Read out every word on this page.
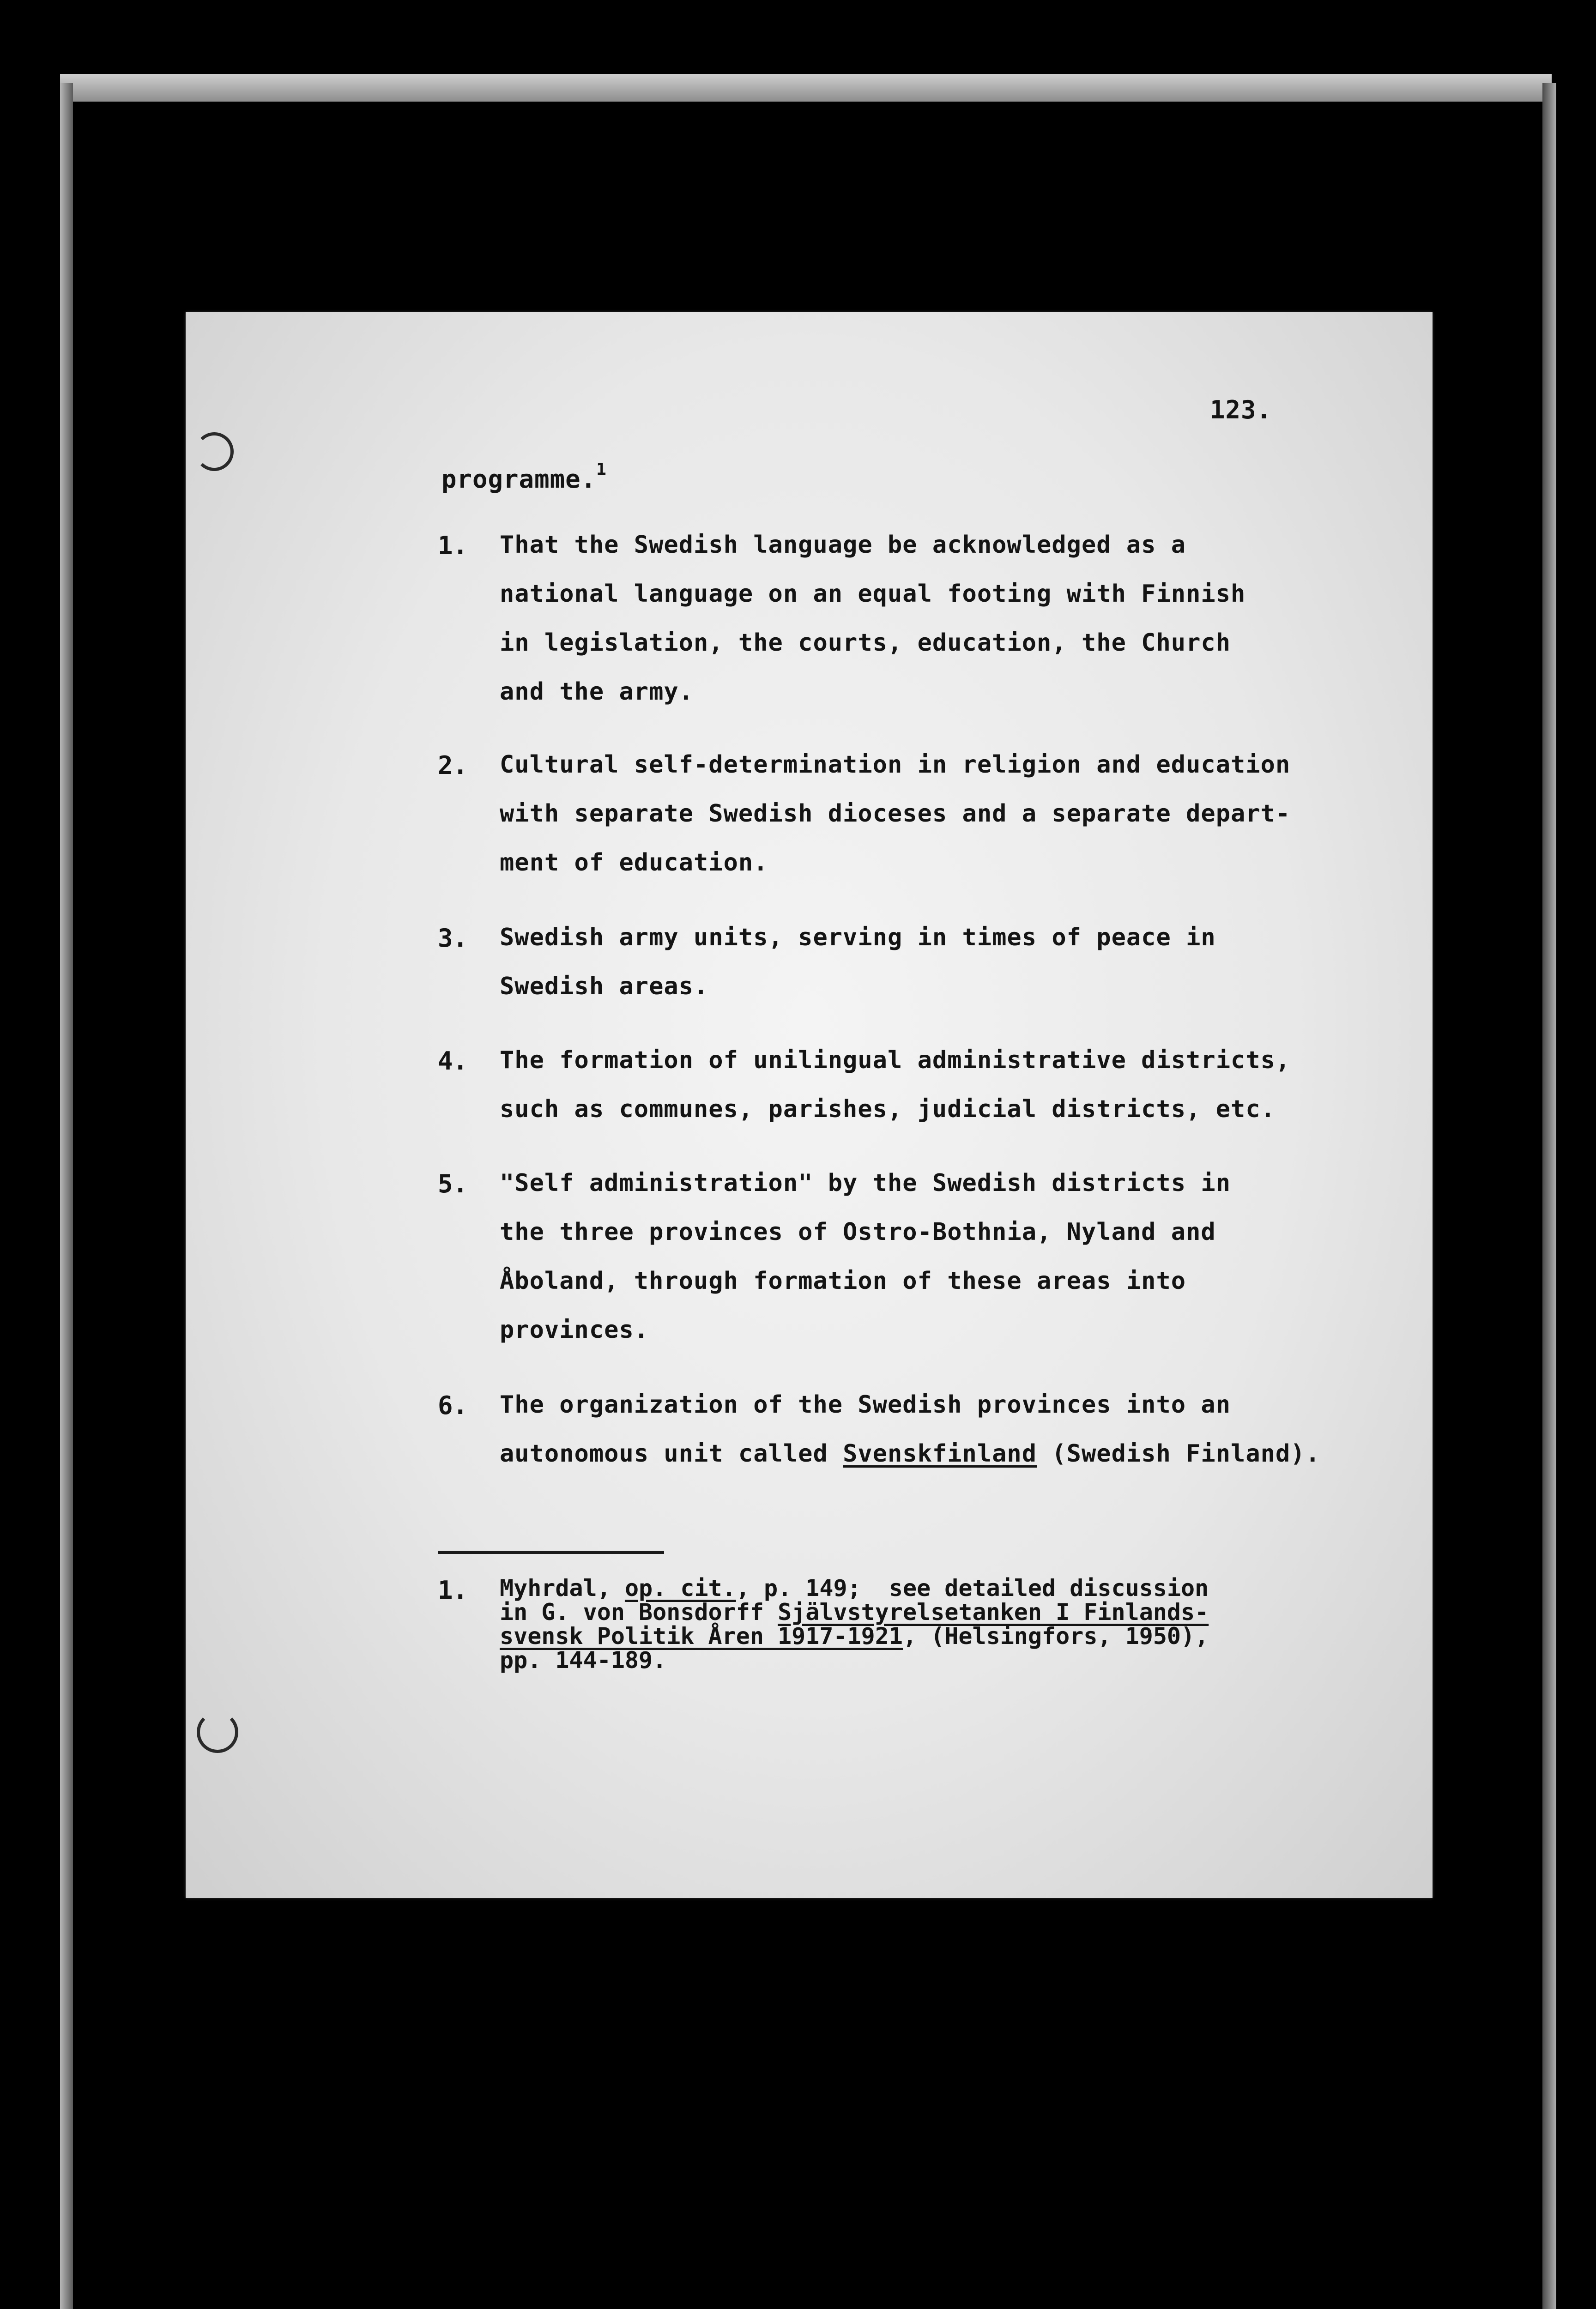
123.
programme.$^1$
1. That the Swedish language be acknowledged as a
national language on an equal footing with Finnish
in legislation, the courts, education, the Church
and the army.
2. Cultural self-determination in religion and education
with separate Swedish dioceses and a separate depart-
ment of education.
3. Swedish army units, serving in times of peace in
Swedish areas.
4. The formation of unilingual administrative districts,
such as communes, parishes, judicial districts, etc.
5. "Self administration" by the Swedish districts in
the three provinces of Ostro-Bothnia, Nyland and
Åboland, through formation of these areas into
provinces.
6. The organization of the Swedish provinces into an
autonomous unit called Svenskfinland (Swedish Finland).
1. Myhrdal, op. cit., p. 149;  see detailed discussion
in G. von Bonsdorff Självstyrelsetanken I Finlands-
svensk Politik Åren 1917-1921, (Helsingfors, 1950),
pp. 144-189.
